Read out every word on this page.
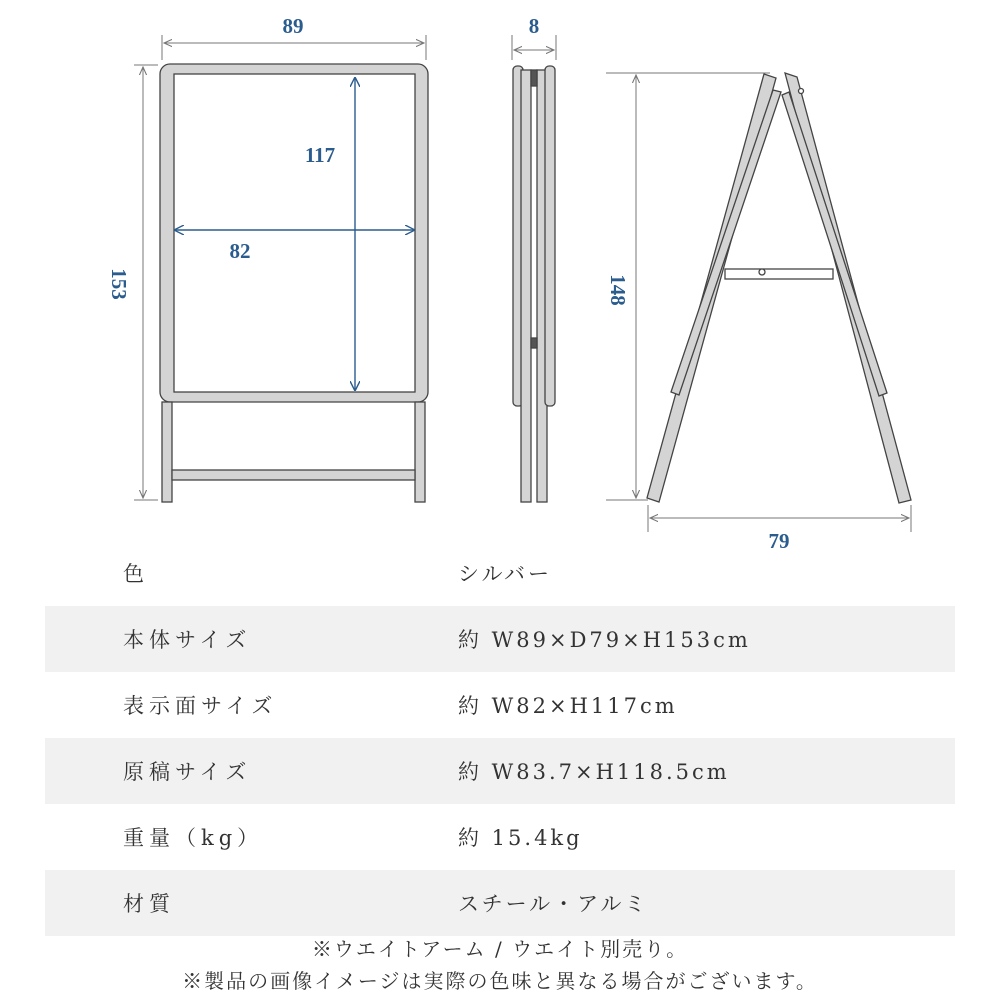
89
153
117
82
8
148
79
色	シルバー
本体サイズ	約 W89×D79×H153cm
表示面サイズ	約 W82×H117cm
原稿サイズ	約 W83.7×H118.5cm
重量（kg）	約 15.4kg
材質	スチール・アルミ
※ウエイトアーム / ウエイト別売り。
※製品の画像イメージは実際の色味と異なる場合がございます。
